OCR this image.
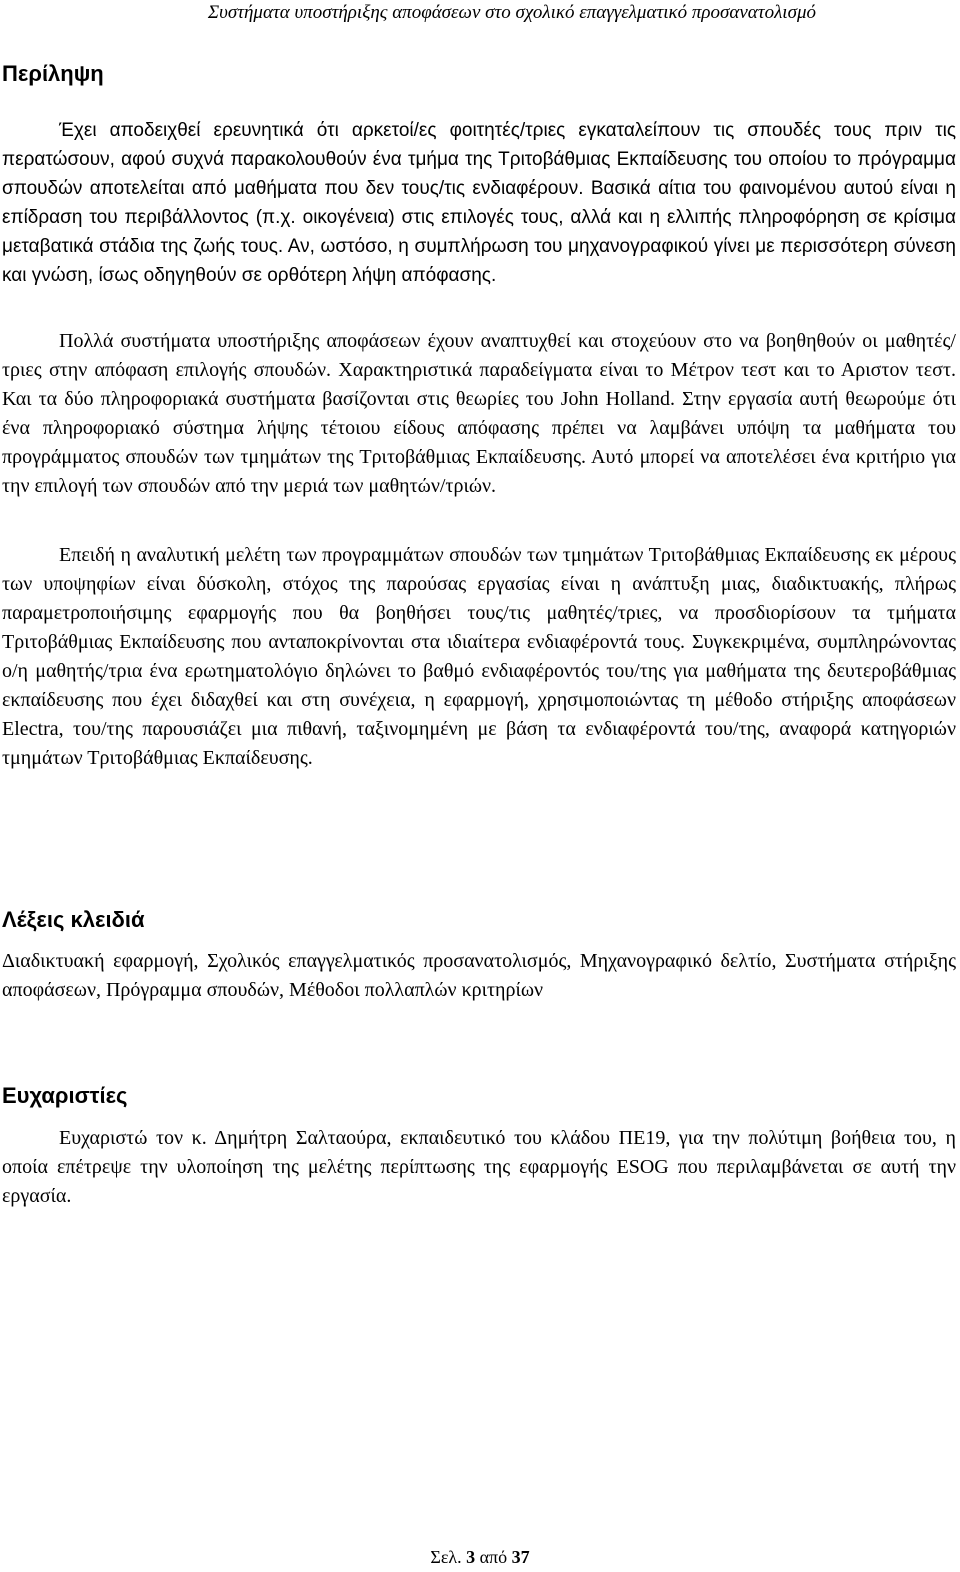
Συστήματα υποστήριξης αποφάσεων στο σχολικό επαγγελματικό προσανατολισμό
Περίληψη

Έχει αποδειχθεί ερευνητικά ότι αρκετοί/ες φοιτητές/τριες εγκαταλείπουν τις σπουδές τους πριν τις περατώσουν, αφού συχνά παρακολουθούν ένα τμήμα της Τριτοβάθμιας Εκπαίδευσης του οποίου το πρόγραμμα σπουδών αποτελείται από μαθήματα που δεν τους/τις ενδιαφέρουν. Βασικά αίτια του φαινομένου αυτού είναι η επίδραση του περιβάλλοντος (π.χ. οικογένεια) στις επιλογές τους, αλλά και η ελλιπής πληροφόρηση σε κρίσιμα μεταβατικά στάδια της ζωής τους. Αν, ωστόσο, η συμπλήρωση του μηχανογραφικού γίνει με περισσότερη σύνεση και γνώση, ίσως οδηγηθούν σε ορθότερη λήψη απόφασης.

Πολλά συστήματα υποστήριξης αποφάσεων έχουν αναπτυχθεί και στοχεύουν στο να βοηθηθούν οι μαθητές/τριες στην απόφαση επιλογής σπουδών. Χαρακτηριστικά παραδείγματα είναι το Μέτρον τεστ και το Αριστον τεστ. Και τα δύο πληροφοριακά συστήματα βασίζονται στις θεωρίες του John Holland. Στην εργασία αυτή θεωρούμε ότι ένα πληροφοριακό σύστημα λήψης τέτοιου είδους απόφασης πρέπει να λαμβάνει υπόψη τα μαθήματα του προγράμματος σπουδών των τμημάτων της Τριτοβάθμιας Εκπαίδευσης. Αυτό μπορεί να αποτελέσει ένα κριτήριο για την επιλογή των σπουδών από την μεριά των μαθητών/τριών.

Επειδή η αναλυτική μελέτη των προγραμμάτων σπουδών των τμημάτων Τριτοβάθμιας Εκπαίδευσης εκ μέρους των υποψηφίων είναι δύσκολη, στόχος της παρούσας εργασίας είναι η ανάπτυξη μιας, διαδικτυακής, πλήρως παραμετροποιήσιμης εφαρμογής που θα βοηθήσει τους/τις μαθητές/τριες, να προσδιορίσουν τα τμήματα Τριτοβάθμιας Εκπαίδευσης που ανταποκρίνονται στα ιδιαίτερα ενδιαφέροντά τους. Συγκεκριμένα, συμπληρώνοντας ο/η μαθητής/τρια ένα ερωτηματολόγιο δηλώνει το βαθμό ενδιαφέροντός του/της για μαθήματα της δευτεροβάθμιας εκπαίδευσης που έχει διδαχθεί και στη συνέχεια, η εφαρμογή, χρησιμοποιώντας τη μέθοδο στήριξης αποφάσεων Electra, του/της παρουσιάζει μια πιθανή, ταξινομημένη με βάση τα ενδιαφέροντά του/της, αναφορά κατηγοριών τμημάτων Τριτοβάθμιας Εκπαίδευσης.

Λέξεις κλειδιά

Διαδικτυακή εφαρμογή, Σχολικός επαγγελματικός προσανατολισμός, Μηχανογραφικό δελτίο, Συστήματα στήριξης αποφάσεων, Πρόγραμμα σπουδών, Μέθοδοι πολλαπλών κριτηρίων

Ευχαριστίες

Ευχαριστώ τον κ. Δημήτρη Σαλταούρα, εκπαιδευτικό του κλάδου ΠΕ19, για την πολύτιμη βοήθεια του, η οποία επέτρεψε την υλοποίηση της μελέτης περίπτωσης της εφαρμογής ESOG που περιλαμβάνεται σε αυτή την εργασία.

Σελ. 3 από 37
